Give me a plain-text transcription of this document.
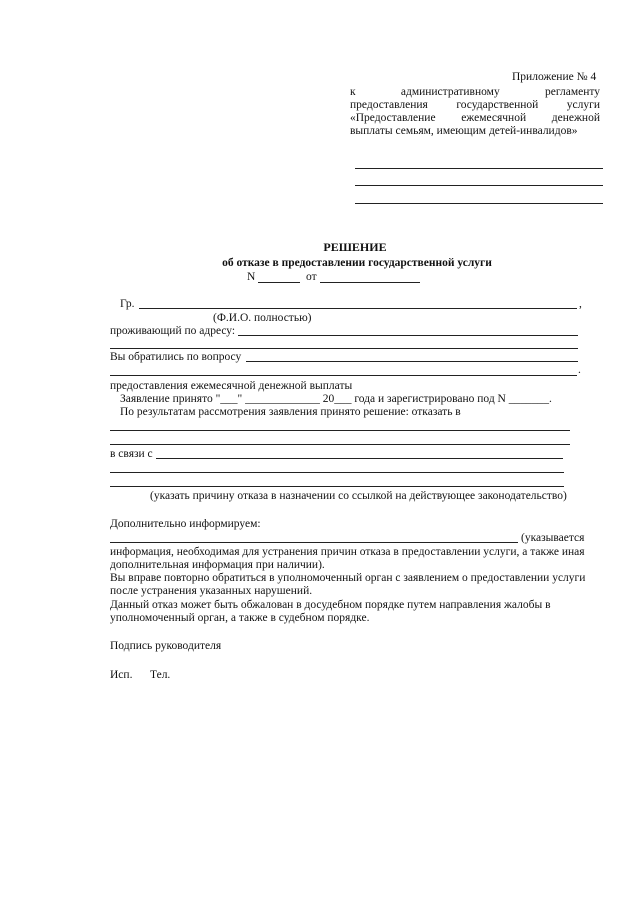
Приложение № 4
к	административному	регламенту
предоставления государственной услуги
«Предоставление ежемесячной денежной
выплаты семьям, имеющим детей-инвалидов»
РЕШЕНИЕ
об отказе в предоставлении государственной услуги
N	от
Гр.	,
(Ф.И.О. полностью)
проживающий по адресу:
Вы обратились по вопросу
.
предоставления ежемесячной денежной выплаты
Заявление принято "___" _____________ 20___ года и зарегистрировано под N _______.
По результатам рассмотрения заявления принято решение: отказать в
в связи с
(указать причину отказа в назначении со ссылкой на действующее законодательство)
Дополнительно информируем:
(указывается
информация, необходимая для устранения причин отказа в предоставлении услуги, а также иная
дополнительная информация при наличии).
Вы вправе повторно обратиться в уполномоченный орган с заявлением о предоставлении услуги
после устранения указанных нарушений.
Данный отказ может быть обжалован в досудебном порядке путем направления жалобы в
уполномоченный орган, а также в судебном порядке.
Подпись руководителя
Исп. Тел.
